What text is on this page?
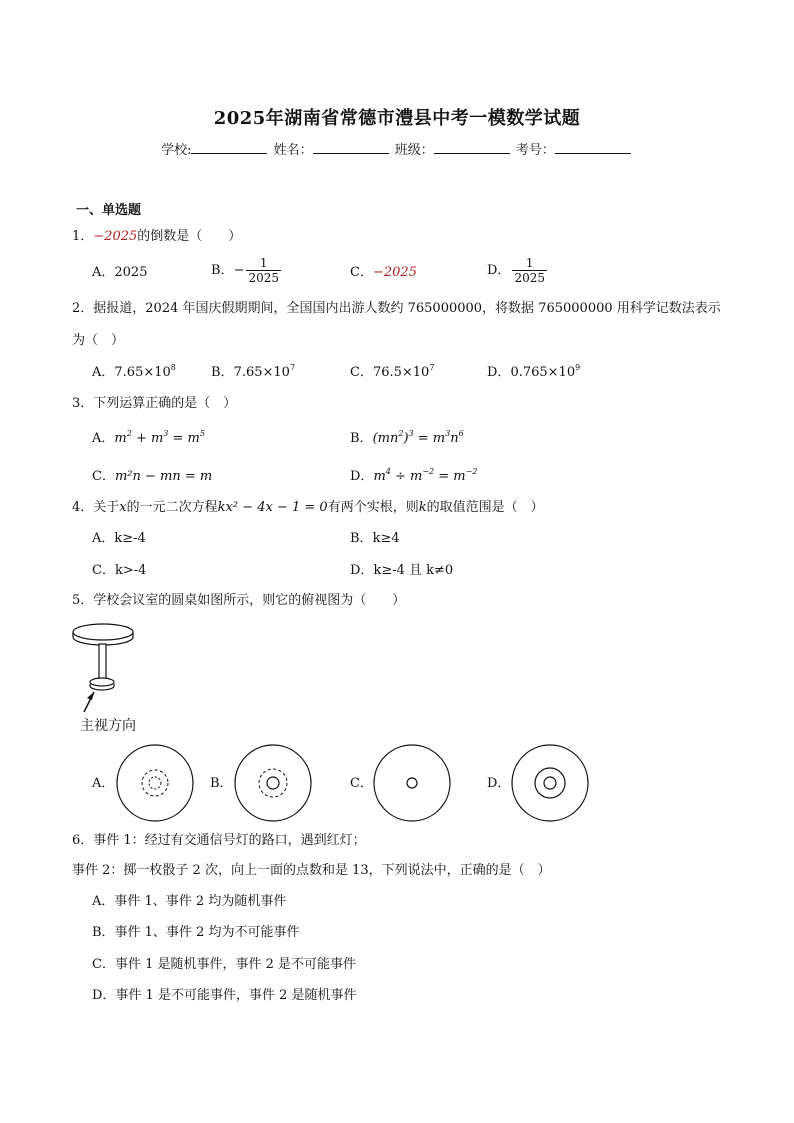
2025年湖南省常德市澧县中考一模数学试题
学校:	姓名：	班级：	考号：
一、单选题
1．−2025的倒数是（　　）
A．2025	B．− $\frac{1}{2025}$	C．−2025	D． $\frac{1}{2025}$
2．据报道，2024 年国庆假期期间，全国国内出游人数约 765000000，将数据 765000000 用科学记数法表示
为（　）
A．$7.65\times 10^8$	B．$7.65\times 10^7$	C．$76.5\times 10^7$	D．$0.765\times 10^9$
3．下列运算正确的是（　）
A．$m^2 + m^3 = m^5$	B．$(mn^2)^3 = m^3n^6$
C．m²n − mn = m	D．$m^4 \div m^{-2} = m^{-2}$
4．关于x的一元二次方程kx² − 4x − 1 = 0有两个实根，则k的取值范围是（　）
A．k≥-4	B．k≥4
C．k>-4	D．k≥-4 且 k≠0
5．学校会议室的圆桌如图所示，则它的俯视图为（　　）
主视方向
A．	B．	C．	D．
6．事件 1：经过有交通信号灯的路口，遇到红灯；
事件 2：掷一枚骰子 2 次，向上一面的点数和是 13，下列说法中，正确的是（　）
A．事件 1、事件 2 均为随机事件
B．事件 1、事件 2 均为不可能事件
C．事件 1 是随机事件，事件 2 是不可能事件
D．事件 1 是不可能事件，事件 2 是随机事件
